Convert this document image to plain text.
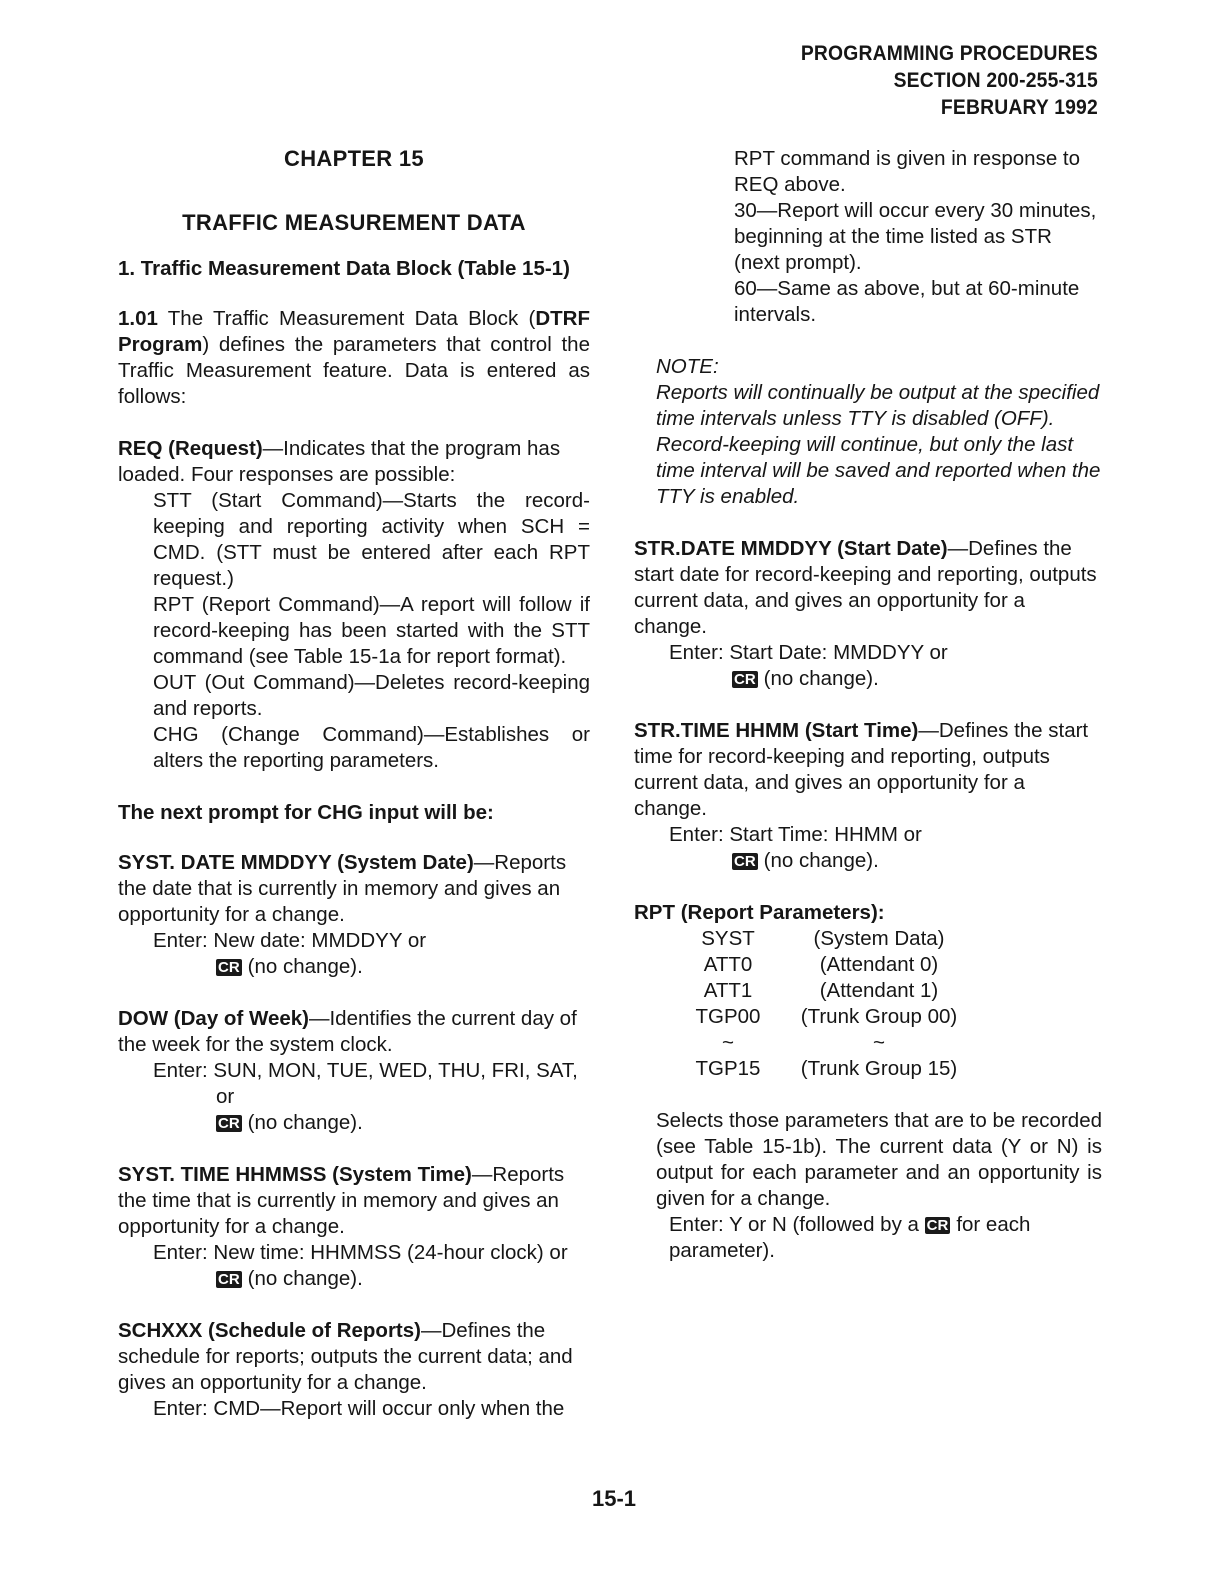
PROGRAMMING PROCEDURES
SECTION 200-255-315
FEBRUARY 1992
CHAPTER 15
TRAFFIC MEASUREMENT DATA
1. Traffic Measurement Data Block (Table 15-1)
1.01 The Traffic Measurement Data Block (DTRF Program) defines the parameters that control the Traffic Measurement feature. Data is entered as follows:
REQ (Request)—Indicates that the program has loaded. Four responses are possible:
STT (Start Command)—Starts the record-keeping and reporting activity when SCH = CMD. (STT must be entered after each RPT request.)
RPT (Report Command)—A report will follow if record-keeping has been started with the STT command (see Table 15-1a for report format).
OUT (Out Command)—Deletes record-keeping and reports.
CHG (Change Command)—Establishes or alters the reporting parameters.
The next prompt for CHG input will be:
SYST. DATE MMDDYY (System Date)—Reports the date that is currently in memory and gives an opportunity for a change.
Enter: New date: MMDDYY or
CR (no change).
DOW (Day of Week)—Identifies the current day of the week for the system clock.
Enter: SUN, MON, TUE, WED, THU, FRI, SAT,
or
CR (no change).
SYST. TIME HHMMSS (System Time)—Reports the time that is currently in memory and gives an opportunity for a change.
Enter: New time: HHMMSS (24-hour clock) or
CR (no change).
SCHXXX (Schedule of Reports)—Defines the schedule for reports; outputs the current data; and gives an opportunity for a change.
Enter: CMD—Report will occur only when the
RPT command is given in response to REQ above.
30—Report will occur every 30 minutes, beginning at the time listed as STR (next prompt).
60—Same as above, but at 60-minute intervals.
NOTE:
Reports will continually be output at the specified time intervals unless TTY is disabled (OFF). Record-keeping will continue, but only the last time interval will be saved and reported when the TTY is enabled.
STR.DATE MMDDYY (Start Date)—Defines the start date for record-keeping and reporting, outputs current data, and gives an opportunity for a change.
Enter: Start Date: MMDDYY or
CR (no change).
STR.TIME HHMM (Start Time)—Defines the start time for record-keeping and reporting, outputs current data, and gives an opportunity for a change.
Enter: Start Time: HHMM or
CR (no change).
RPT (Report Parameters):
SYST	(System Data)
ATT0	(Attendant 0)
ATT1	(Attendant 1)
TGP00	(Trunk Group 00)
~	~
TGP15	(Trunk Group 15)
Selects those parameters that are to be recorded (see Table 15-1b). The current data (Y or N) is output for each parameter and an opportunity is given for a change.
Enter: Y or N (followed by a CR for each parameter).
15-1
